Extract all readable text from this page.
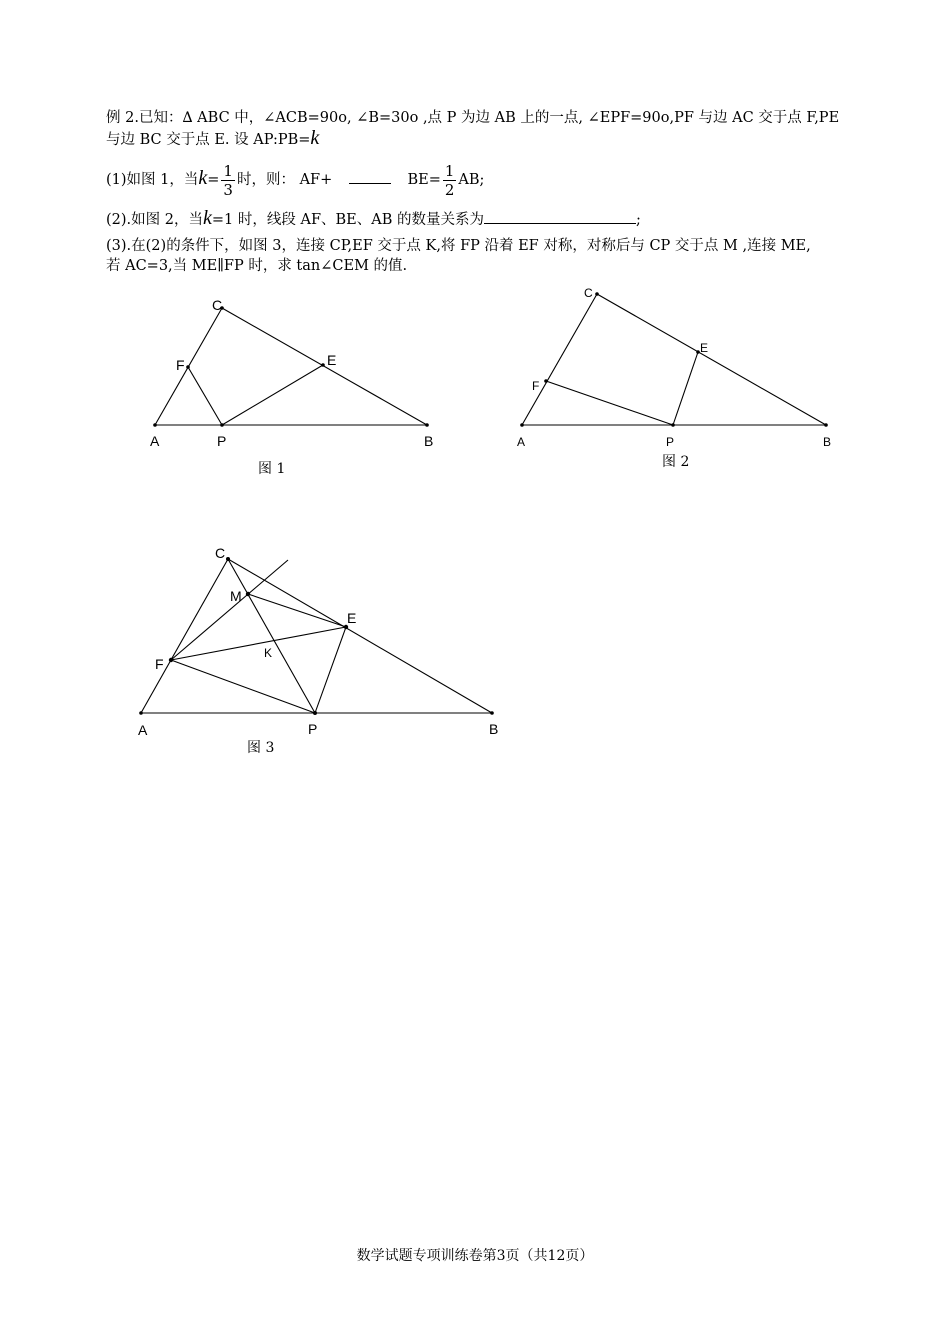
例 2.已知：∆ ABC 中，∠ACB=90o, ∠B=30o ,点 P 为边 AB 上的一点, ∠EPF=90o,PF 与边 AC 交于点 F,PE
与边 BC 交于点 E. 设 AP:PB=k
(1)如图 1，当$k= \frac{1}{3}$ 时，则： AF+	$BE= \frac{1}{2}$ AB;
(2).如图 2，当k=1 时，线段 AF、BE、AB 的数量关系为	;
(3).在(2)的条件下，如图 3，连接 CP,EF 交于点 K,将 FP 沿着 EF 对称，对称后与 CP 交于点 M ,连接 ME,
若 AC=3,当 ME∥FP 时，求 tan∠CEM 的值.
A	B
C
P
E
F
A	B
C
P
E
F
A	B
C
P
E
F
M
K
图 1	图 2
图 3
数学试题专项训练卷第3页（共12页）
